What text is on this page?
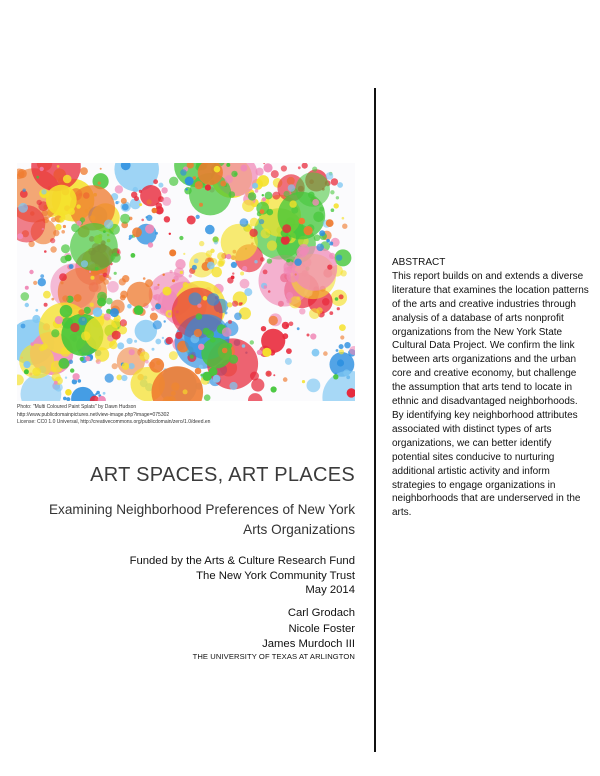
Photo: "Multi Coloured Paint Splats" by Dawn Hudson
http://www.publicdomainpictures.net/view-image.php?image=075302
License: CC0 1.0 Universal, http://creativecommons.org/publicdomain/zero/1.0/deed.en
ART SPACES, ART PLACES
Examining Neighborhood Preferences of New York
Arts Organizations
Funded by the Arts & Culture Research Fund
The New York Community Trust
May 2014
Carl Grodach
Nicole Foster
James Murdoch III
THE UNIVERSITY OF TEXAS AT ARLINGTON
ABSTRACT
This report builds on and extends a diverse literature that examines the location patterns of the arts and creative industries through analysis of a database of arts nonprofit organizations from the New York State Cultural Data Project. We confirm the link between arts organizations and the urban core and creative economy, but challenge the assumption that arts tend to locate in ethnic and disadvantaged neighborhoods. By identifying key neighborhood attributes associated with distinct types of arts organizations, we can better identify potential sites conducive to nurturing additional artistic activity and inform strategies to engage organizations in neighborhoods that are underserved in the arts.
